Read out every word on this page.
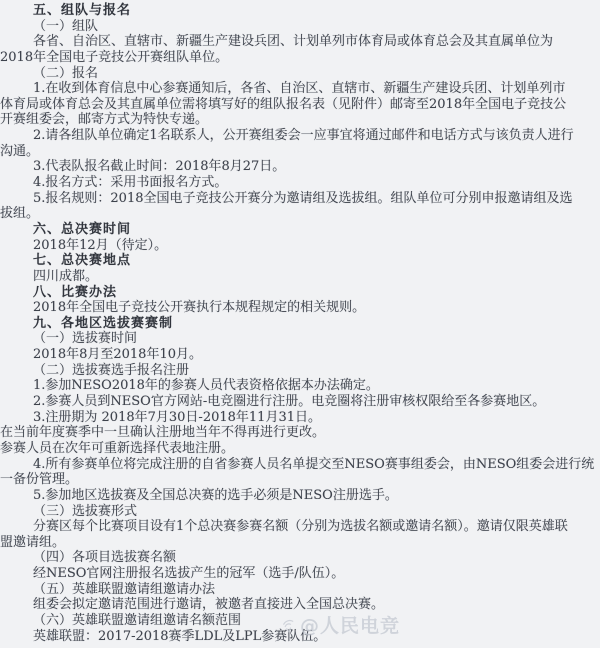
五、组队与报名
（一）组队
各省、自治区、直辖市、新疆生产建设兵团、计划单列市体育局或体育总会及其直属单位为
2018年全国电子竞技公开赛组队单位。
（二）报名
1.在收到体育信息中心参赛通知后，各省、自治区、直辖市、新疆生产建设兵团、计划单列市
体育局或体育总会及其直属单位需将填写好的组队报名表（见附件）邮寄至2018年全国电子竞技公
开赛组委会，邮寄方式为特快专递。
2.请各组队单位确定1名联系人，公开赛组委会一应事宜将通过邮件和电话方式与该负责人进行
沟通。
3.代表队报名截止时间：2018年8月27日。
4.报名方式：采用书面报名方式。
5.报名规则：2018全国电子竞技公开赛分为邀请组及选拔组。组队单位可分别申报邀请组及选
拔组。
六、总决赛时间
2018年12月（待定）。
七、总决赛地点
四川成都。
八、比赛办法
2018年全国电子竞技公开赛执行本规程规定的相关规则。
九、各地区选拔赛赛制
（一）选拔赛时间
2018年8月至2018年10月。
（二）选拔赛选手报名注册
1.参加NESO2018年的参赛人员代表资格依据本办法确定。
2.参赛人员到NESO官方网站-电竞圈进行注册。电竞圈将注册审核权限给至各参赛地区。
3.注册期为 2018年7月30日-2018年11月31日。
在当前年度赛季中一旦确认注册地当年不得再进行更改。
参赛人员在次年可重新选择代表地注册。
4.所有参赛单位将完成注册的自省参赛人员名单提交至NESO赛事组委会，由NESO组委会进行统
一备份管理。
5.参加地区选拔赛及全国总决赛的选手必须是NESO注册选手。
（三）选拔赛形式
分赛区每个比赛项目设有1个总决赛参赛名额（分别为选拔名额或邀请名额）。邀请仅限英雄联
盟邀请组。
（四）各项目选拔赛名额
经NESO官网注册报名选拔产生的冠军（选手/队伍）。
（五）英雄联盟邀请组邀请办法
组委会拟定邀请范围进行邀请，被邀者直接进入全国总决赛。
（六）英雄联盟邀请组邀请名额范围
英雄联盟：2017-2018赛季LDL及LPL参赛队伍。
@人民电竞
